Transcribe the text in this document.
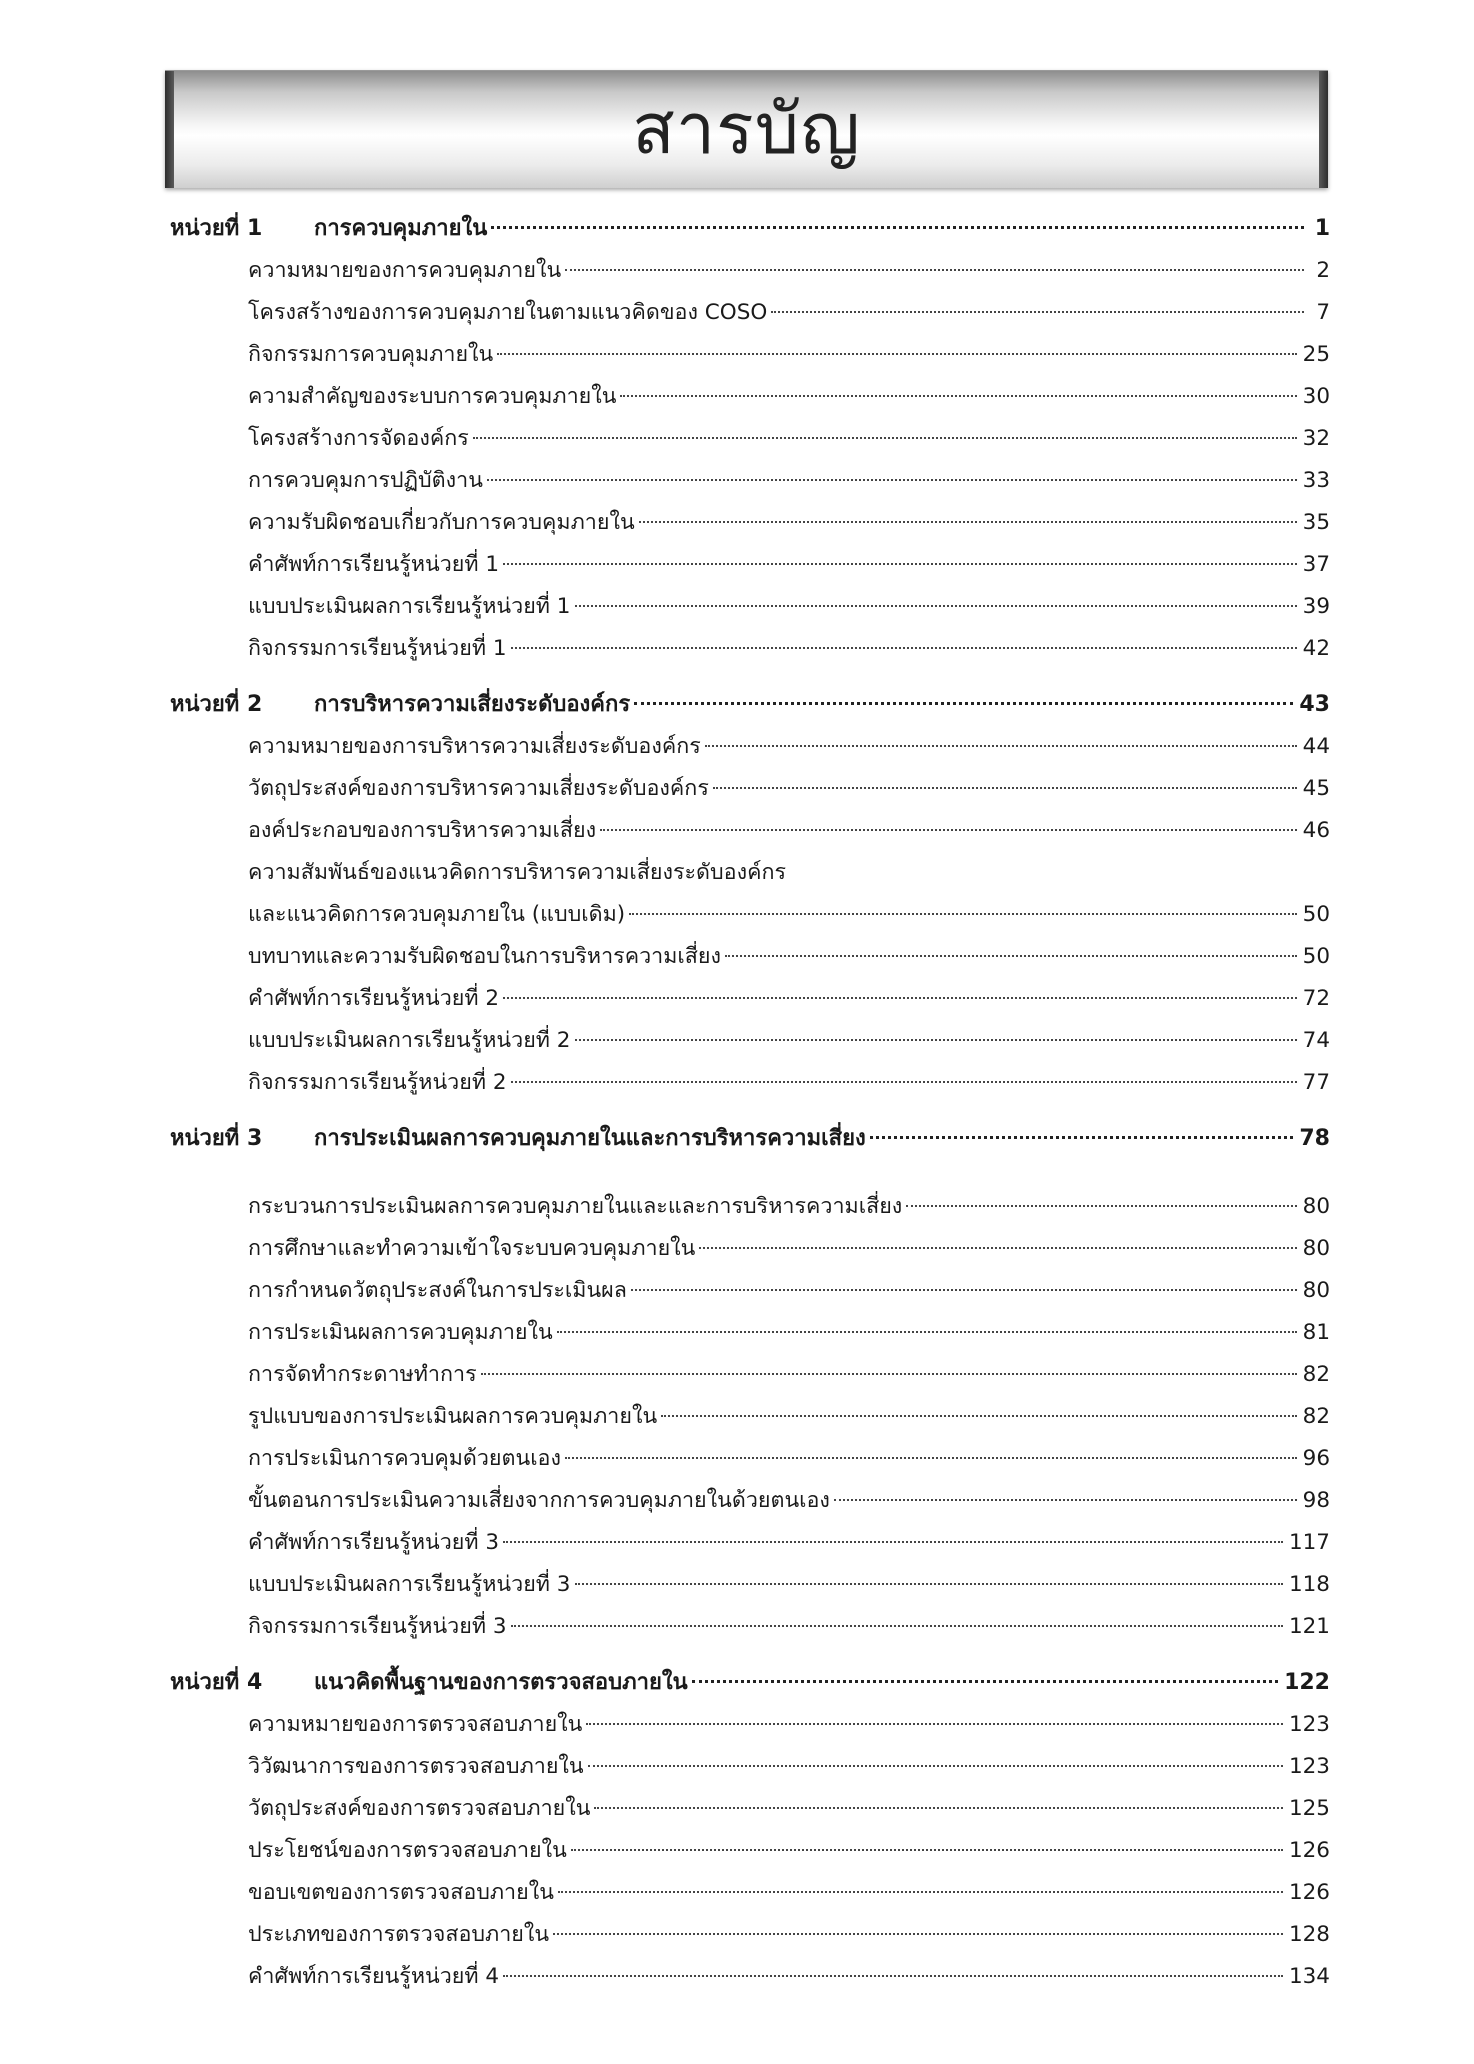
สารบัญ
หน่วยที่ 1 การควบคุมภายใน	1
ความหมายของการควบคุมภายใน	2
โครงสร้างของการควบคุมภายในตามแนวคิดของ COSO	7
กิจกรรมการควบคุมภายใน	25
ความสำคัญของระบบการควบคุมภายใน	30
โครงสร้างการจัดองค์กร	32
การควบคุมการปฏิบัติงาน	33
ความรับผิดชอบเกี่ยวกับการควบคุมภายใน	35
คำศัพท์การเรียนรู้หน่วยที่ 1	37
แบบประเมินผลการเรียนรู้หน่วยที่ 1	39
กิจกรรมการเรียนรู้หน่วยที่ 1	42
หน่วยที่ 2 การบริหารความเสี่ยงระดับองค์กร	43
ความหมายของการบริหารความเสี่ยงระดับองค์กร	44
วัตถุประสงค์ของการบริหารความเสี่ยงระดับองค์กร	45
องค์ประกอบของการบริหารความเสี่ยง	46
ความสัมพันธ์ของแนวคิดการบริหารความเสี่ยงระดับองค์กร
และแนวคิดการควบคุมภายใน (แบบเดิม)	50
บทบาทและความรับผิดชอบในการบริหารความเสี่ยง	50
คำศัพท์การเรียนรู้หน่วยที่ 2	72
แบบประเมินผลการเรียนรู้หน่วยที่ 2	74
กิจกรรมการเรียนรู้หน่วยที่ 2	77
หน่วยที่ 3 การประเมินผลการควบคุมภายในและการบริหารความเสี่ยง	78
กระบวนการประเมินผลการควบคุมภายในและและการบริหารความเสี่ยง	80
การศึกษาและทำความเข้าใจระบบควบคุมภายใน	80
การกำหนดวัตถุประสงค์ในการประเมินผล	80
การประเมินผลการควบคุมภายใน	81
การจัดทำกระดาษทำการ	82
รูปแบบของการประเมินผลการควบคุมภายใน	82
การประเมินการควบคุมด้วยตนเอง	96
ขั้นตอนการประเมินความเสี่ยงจากการควบคุมภายในด้วยตนเอง	98
คำศัพท์การเรียนรู้หน่วยที่ 3	117
แบบประเมินผลการเรียนรู้หน่วยที่ 3	118
กิจกรรมการเรียนรู้หน่วยที่ 3	121
หน่วยที่ 4 แนวคิดพื้นฐานของการตรวจสอบภายใน	122
ความหมายของการตรวจสอบภายใน	123
วิวัฒนาการของการตรวจสอบภายใน	123
วัตถุประสงค์ของการตรวจสอบภายใน	125
ประโยชน์ของการตรวจสอบภายใน	126
ขอบเขตของการตรวจสอบภายใน	126
ประเภทของการตรวจสอบภายใน	128
คำศัพท์การเรียนรู้หน่วยที่ 4	134
